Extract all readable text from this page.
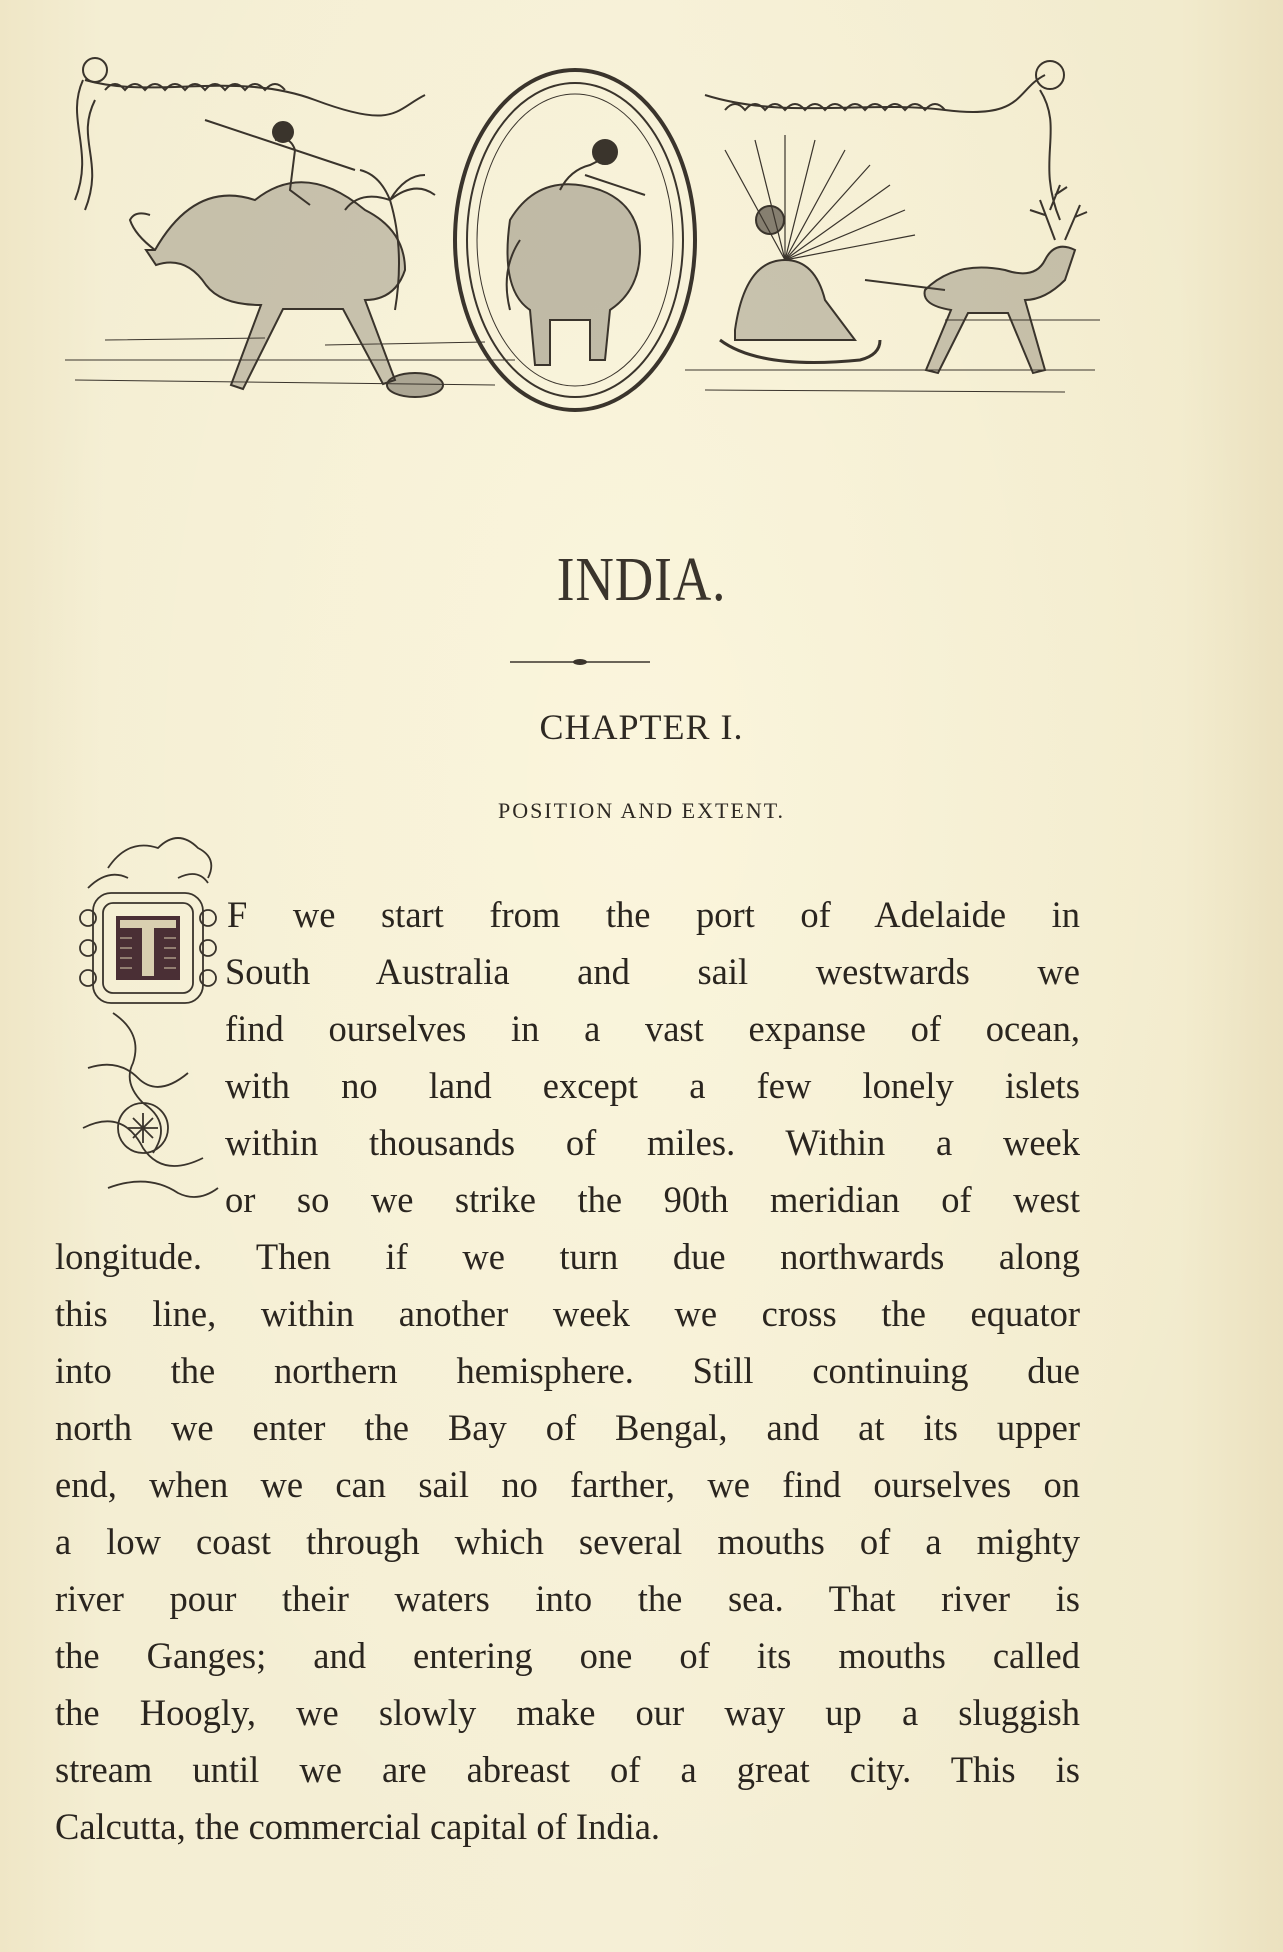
INDIA.
CHAPTER I.
POSITION AND EXTENT.
F we start from the port of Adelaide in
South Australia and sail westwards we
find ourselves in a vast expanse of ocean,
with no land except a few lonely islets
within thousands of miles. Within a week
or so we strike the 90th meridian of west
longitude. Then if we turn due northwards along
this line, within another week we cross the equator
into the northern hemisphere. Still continuing due
north we enter the Bay of Bengal, and at its upper
end, when we can sail no farther, we find ourselves on
a low coast through which several mouths of a mighty
river pour their waters into the sea. That river is
the Ganges; and entering one of its mouths called
the Hoogly, we slowly make our way up a sluggish
stream until we are abreast of a great city. This is
Calcutta, the commercial capital of India.
